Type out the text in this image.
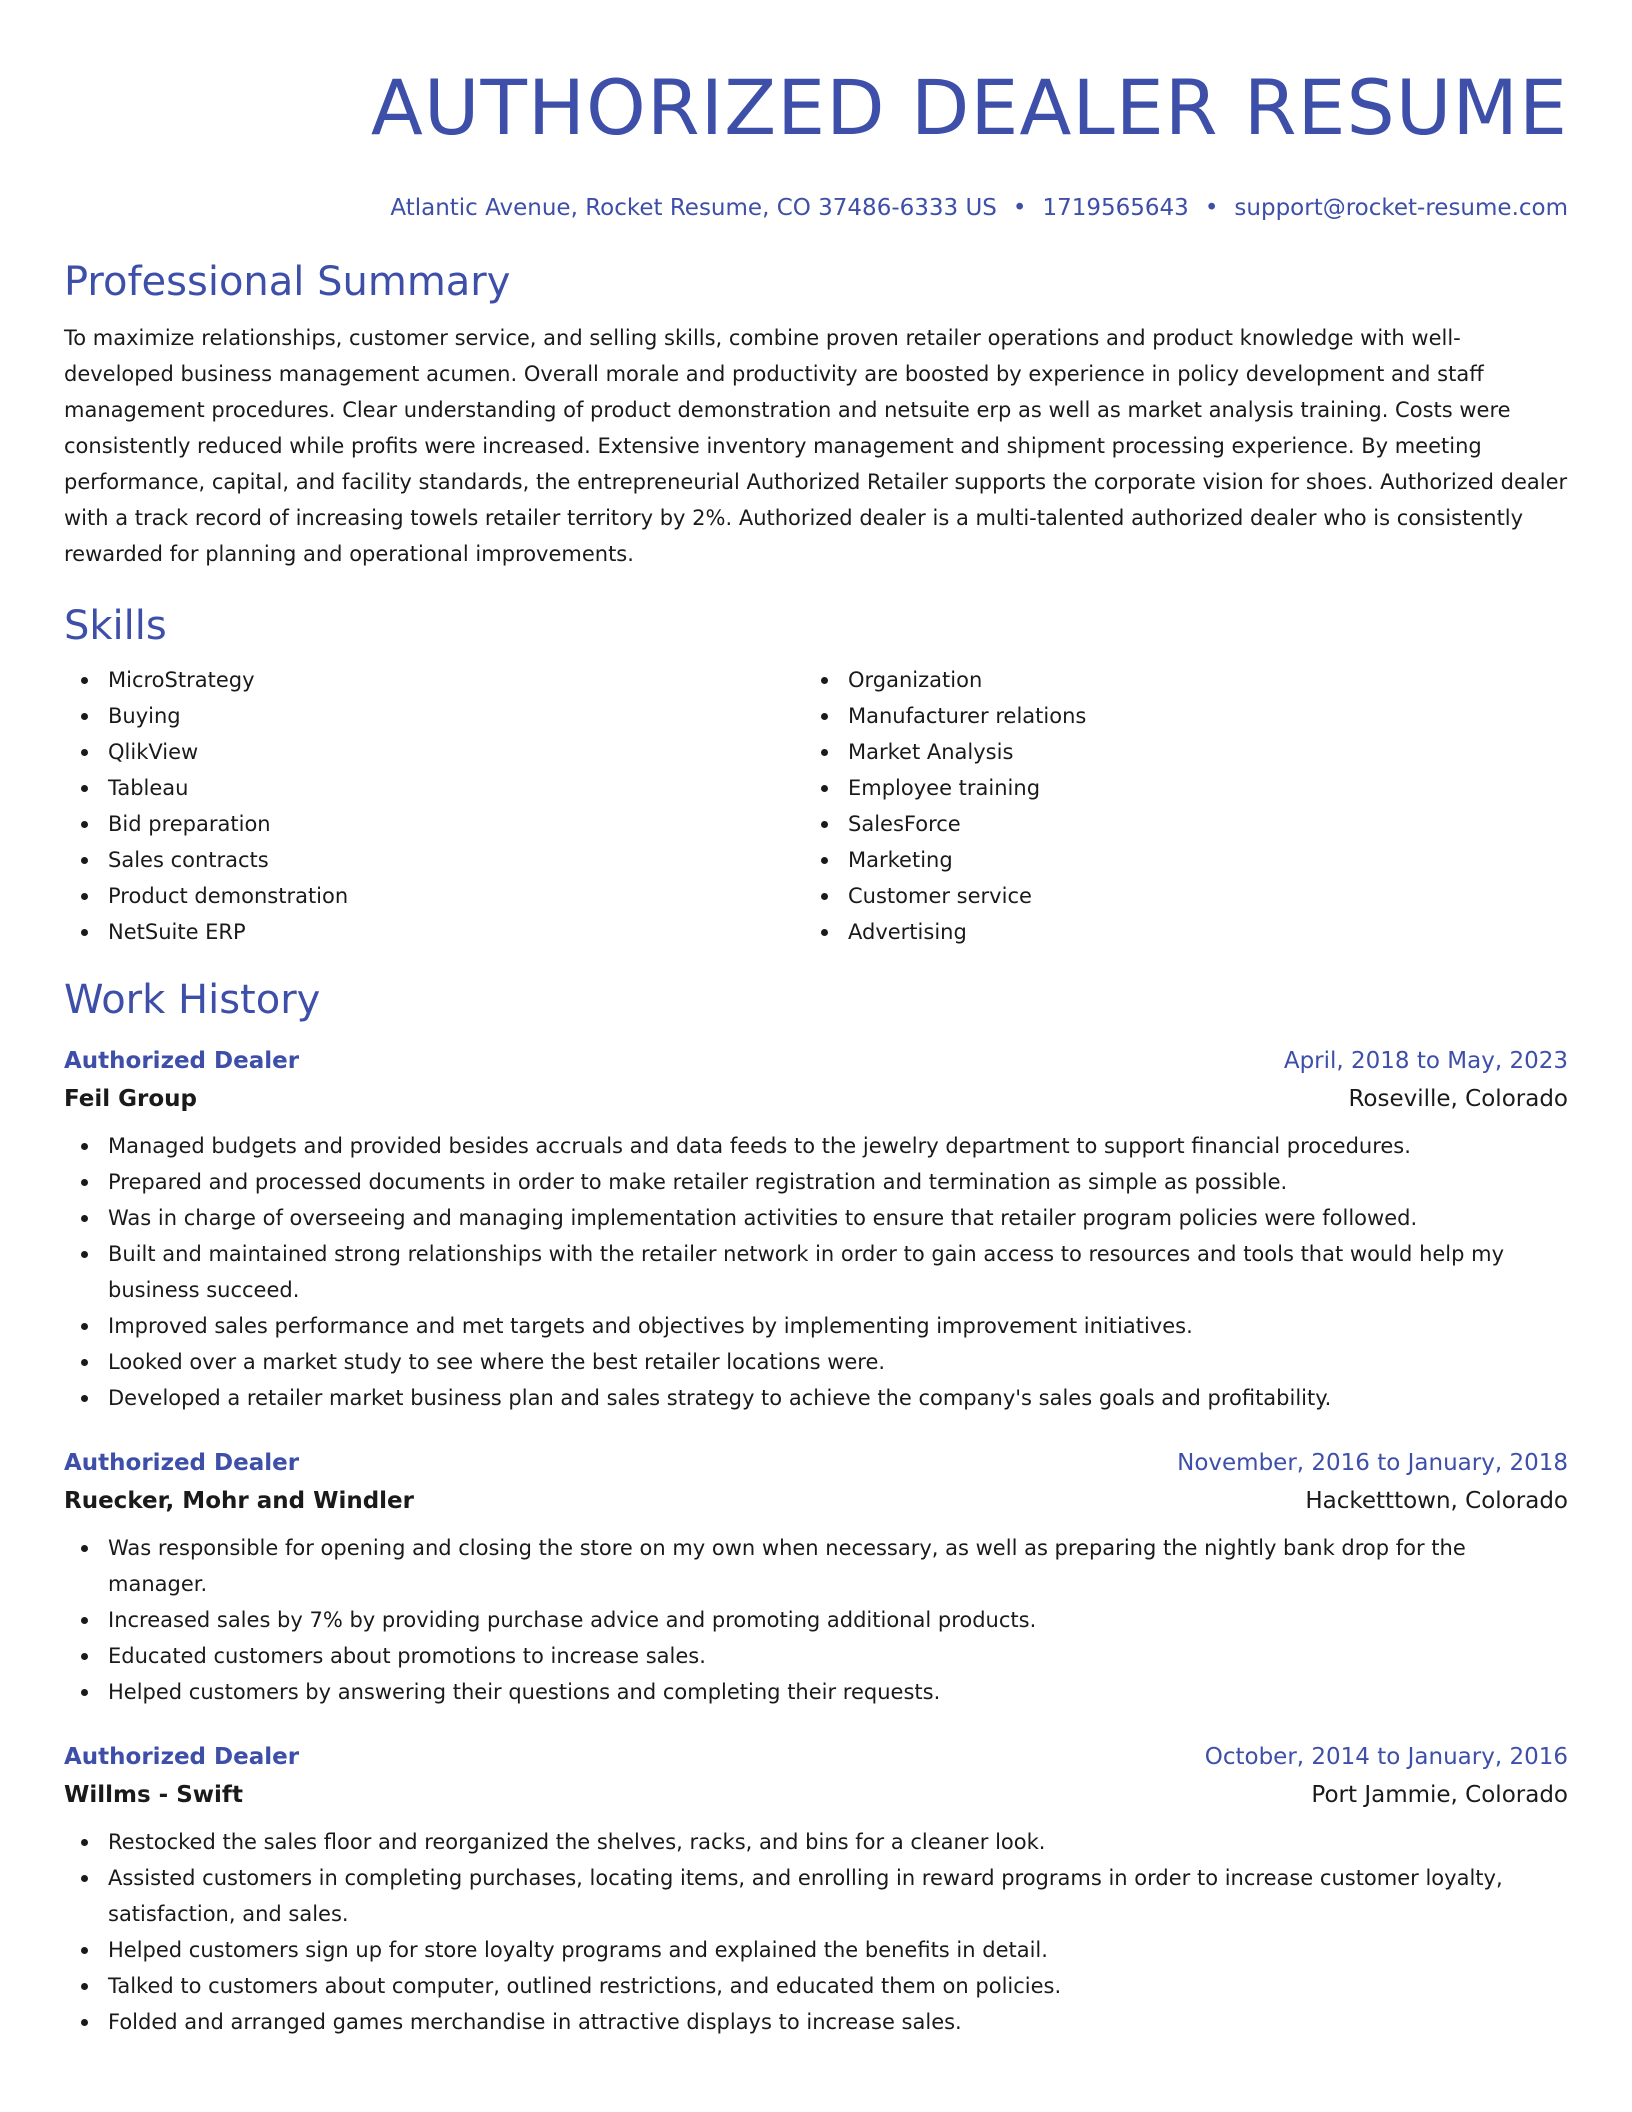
AUTHORIZED DEALER RESUME
Atlantic Avenue, Rocket Resume, CO 37486-6333 US • 1719565643 • support@rocket-resume.com
Professional Summary

To maximize relationships, customer service, and selling skills, combine proven retailer operations and product knowledge with well-developed business management acumen. Overall morale and productivity are boosted by experience in policy development and staff management procedures. Clear understanding of product demonstration and netsuite erp as well as market analysis training. Costs were consistently reduced while profits were increased. Extensive inventory management and shipment processing experience. By meeting performance, capital, and facility standards, the entrepreneurial Authorized Retailer supports the corporate vision for shoes. Authorized dealer with a track record of increasing towels retailer territory by 2%. Authorized dealer is a multi-talented authorized dealer who is consistently rewarded for planning and operational improvements.

Skills
MicroStrategy
Buying
QlikView
Tableau
Bid preparation
Sales contracts
Product demonstration
NetSuite ERP
Organization
Manufacturer relations
Market Analysis
Employee training
SalesForce
Marketing
Customer service
Advertising
Work History
Authorized Dealer	April, 2018 to May, 2023
Feil Group	Roseville, Colorado
Managed budgets and provided besides accruals and data feeds to the jewelry department to support financial procedures.
Prepared and processed documents in order to make retailer registration and termination as simple as possible.
Was in charge of overseeing and managing implementation activities to ensure that retailer program policies were followed.
Built and maintained strong relationships with the retailer network in order to gain access to resources and tools that would help my business succeed.
Improved sales performance and met targets and objectives by implementing improvement initiatives.
Looked over a market study to see where the best retailer locations were.
Developed a retailer market business plan and sales strategy to achieve the company's sales goals and profitability.
Authorized Dealer	November, 2016 to January, 2018
Ruecker, Mohr and Windler	Hacketttown, Colorado
Was responsible for opening and closing the store on my own when necessary, as well as preparing the nightly bank drop for the manager.
Increased sales by 7% by providing purchase advice and promoting additional products.
Educated customers about promotions to increase sales.
Helped customers by answering their questions and completing their requests.
Authorized Dealer	October, 2014 to January, 2016
Willms - Swift	Port Jammie, Colorado
Restocked the sales floor and reorganized the shelves, racks, and bins for a cleaner look.
Assisted customers in completing purchases, locating items, and enrolling in reward programs in order to increase customer loyalty, satisfaction, and sales.
Helped customers sign up for store loyalty programs and explained the benefits in detail.
Talked to customers about computer, outlined restrictions, and educated them on policies.
Folded and arranged games merchandise in attractive displays to increase sales.
